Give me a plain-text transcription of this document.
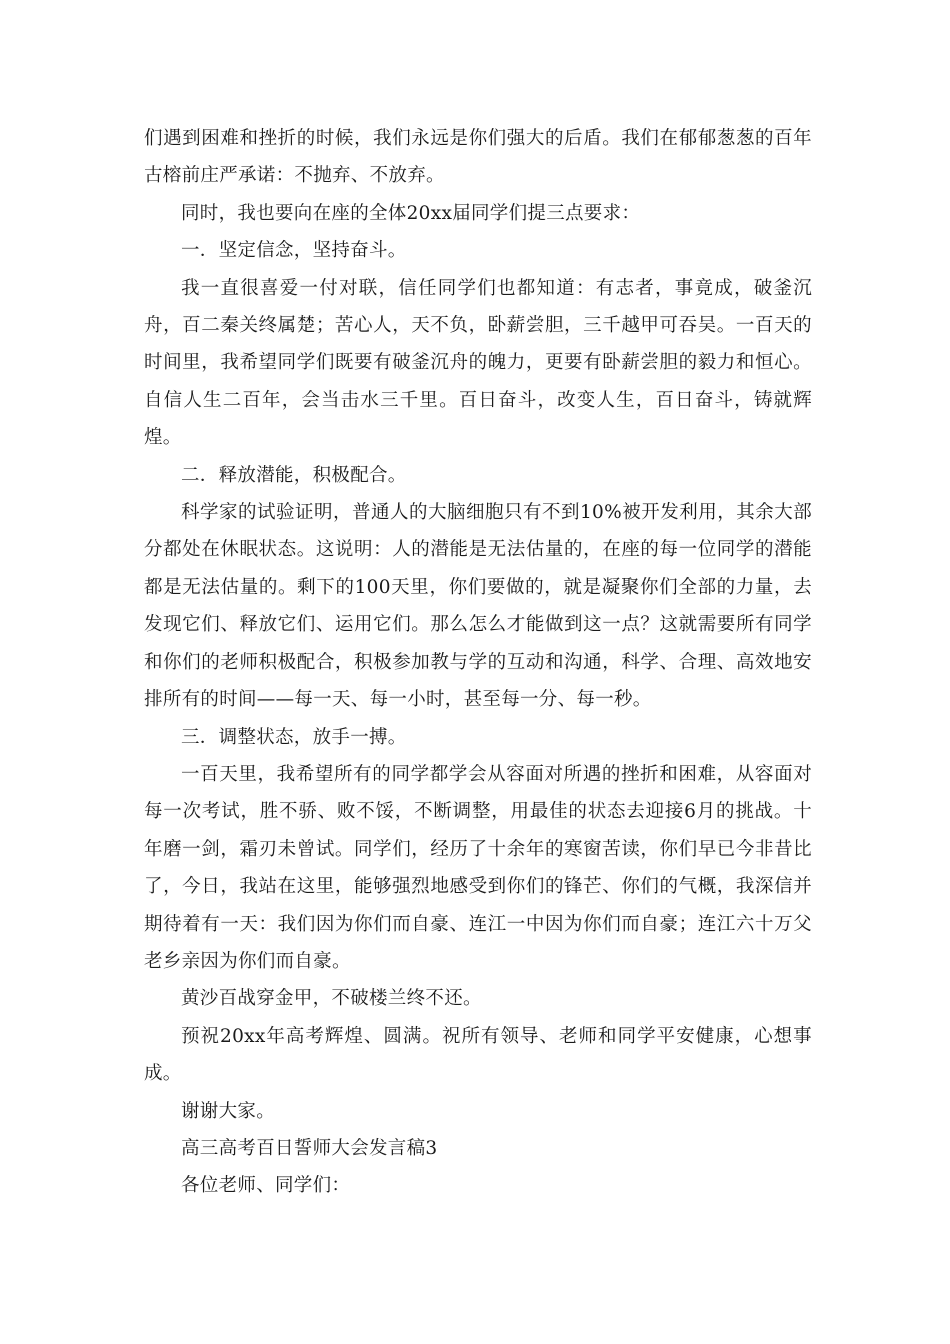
们遇到困难和挫折的时候，我们永远是你们强大的后盾。我们在郁郁葱葱的百年古榕前庄严承诺：不抛弃、不放弃。

同时，我也要向在座的全体20xx届同学们提三点要求：

一．坚定信念，坚持奋斗。

我一直很喜爱一付对联，信任同学们也都知道：有志者，事竟成，破釜沉舟，百二秦关终属楚；苦心人，天不负，卧薪尝胆，三千越甲可吞吴。一百天的时间里，我希望同学们既要有破釜沉舟的魄力，更要有卧薪尝胆的毅力和恒心。自信人生二百年，会当击水三千里。百日奋斗，改变人生，百日奋斗，铸就辉煌。

二．释放潜能，积极配合。

科学家的试验证明，普通人的大脑细胞只有不到10%被开发利用，其余大部分都处在休眠状态。这说明：人的潜能是无法估量的，在座的每一位同学的潜能都是无法估量的。剩下的100天里，你们要做的，就是凝聚你们全部的力量，去发现它们、释放它们、运用它们。那么怎么才能做到这一点？这就需要所有同学和你们的老师积极配合，积极参加教与学的互动和沟通，科学、合理、高效地安排所有的时间——每一天、每一小时，甚至每一分、每一秒。

三．调整状态，放手一搏。

一百天里，我希望所有的同学都学会从容面对所遇的挫折和困难，从容面对每一次考试，胜不骄、败不馁，不断调整，用最佳的状态去迎接6月的挑战。十年磨一剑，霜刃未曾试。同学们，经历了十余年的寒窗苦读，你们早已今非昔比了，今日，我站在这里，能够强烈地感受到你们的锋芒、你们的气概，我深信并期待着有一天：我们因为你们而自豪、连江一中因为你们而自豪；连江六十万父老乡亲因为你们而自豪。

黄沙百战穿金甲，不破楼兰终不还。

预祝20xx年高考辉煌、圆满。祝所有领导、老师和同学平安健康，心想事成。

谢谢大家。

高三高考百日誓师大会发言稿3

各位老师、同学们：
